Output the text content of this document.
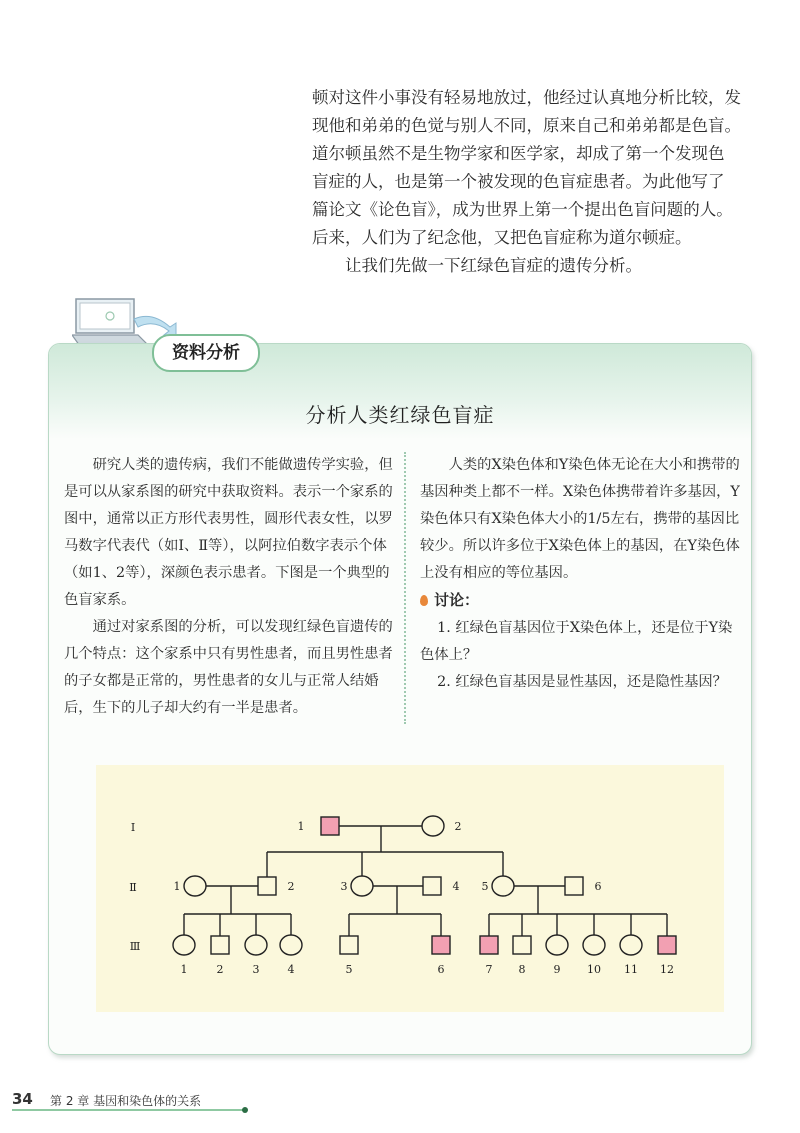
顿对这件小事没有轻易地放过，他经过认真地分析比较，发

现他和弟弟的色觉与别人不同，原来自己和弟弟都是色盲。

道尔顿虽然不是生物学家和医学家，却成了第一个发现色

盲症的人，也是第一个被发现的色盲症患者。为此他写了

篇论文《论色盲》，成为世界上第一个提出色盲问题的人。

后来，人们为了纪念他，又把色盲症称为道尔顿症。

让我们先做一下红绿色盲症的遗传分析。

资料分析
分析人类红绿色盲症

研究人类的遗传病，我们不能做遗传学实验，但是可以从家系图的研究中获取资料。表示一个家系的图中，通常以正方形代表男性，圆形代表女性，以罗马数字代表代（如Ⅰ、Ⅱ等），以阿拉伯数字表示个体（如1、2等），深颜色表示患者。下图是一个典型的色盲家系。

通过对家系图的分析，可以发现红绿色盲遗传的几个特点：这个家系中只有男性患者，而且男性患者的子女都是正常的，男性患者的女儿与正常人结婚后，生下的儿子却大约有一半是患者。

人类的X染色体和Y染色体无论在大小和携带的基因种类上都不一样。X染色体携带着许多基因，Y染色体只有X染色体大小的1/5左右，携带的基因比较少。所以许多位于X染色体上的基因，在Y染色体上没有相应的等位基因。

讨论：

1. 红绿色盲基因位于X染色体上，还是位于Y染色体上？

2. 红绿色盲基因是显性基因，还是隐性基因？

Ⅰ
Ⅱ
Ⅲ
1	2
1	2	3	4 5	6
1	2	3	4	5	6	7 8	9 10 11 12
34 第 2 章 基因和染色体的关系
